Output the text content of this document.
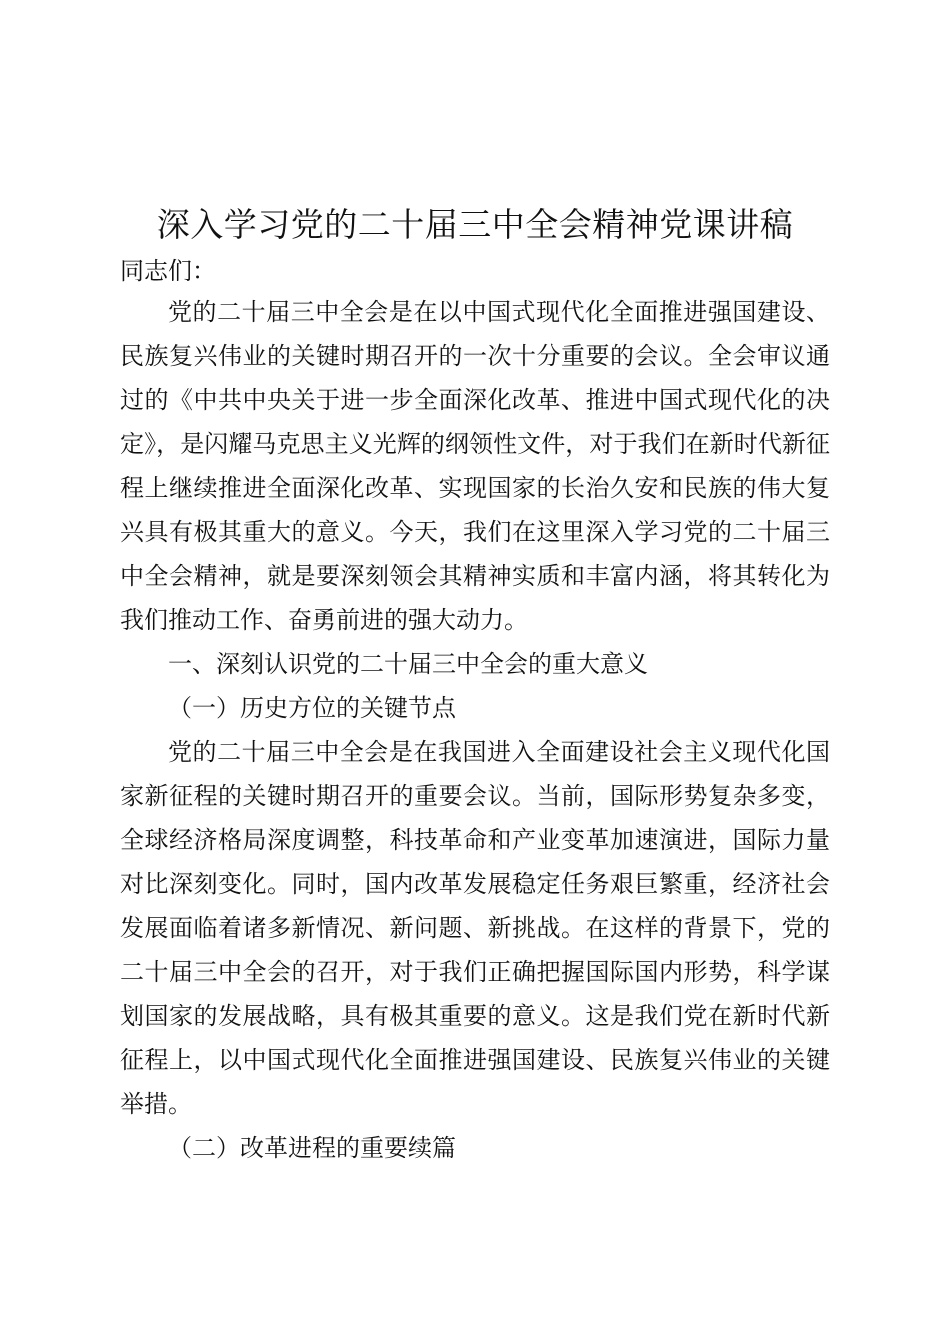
深入学习党的二十届三中全会精神党课讲稿
同志们：

党的二十届三中全会是在以中国式现代化全面推进强国建设、民族复兴伟业的关键时期召开的一次十分重要的会议。全会审议通过的《中共中央关于进一步全面深化改革、推进中国式现代化的决定》，是闪耀马克思主义光辉的纲领性文件，对于我们在新时代新征程上继续推进全面深化改革、实现国家的长治久安和民族的伟大复兴具有极其重大的意义。今天，我们在这里深入学习党的二十届三中全会精神，就是要深刻领会其精神实质和丰富内涵，将其转化为我们推动工作、奋勇前进的强大动力。

一、深刻认识党的二十届三中全会的重大意义

（一）历史方位的关键节点

党的二十届三中全会是在我国进入全面建设社会主义现代化国家新征程的关键时期召开的重要会议。当前，国际形势复杂多变，全球经济格局深度调整，科技革命和产业变革加速演进，国际力量对比深刻变化。同时，国内改革发展稳定任务艰巨繁重，经济社会发展面临着诸多新情况、新问题、新挑战。在这样的背景下，党的二十届三中全会的召开，对于我们正确把握国际国内形势，科学谋划国家的发展战略，具有极其重要的意义。这是我们党在新时代新征程上，以中国式现代化全面推进强国建设、民族复兴伟业的关键举措。

（二）改革进程的重要续篇
